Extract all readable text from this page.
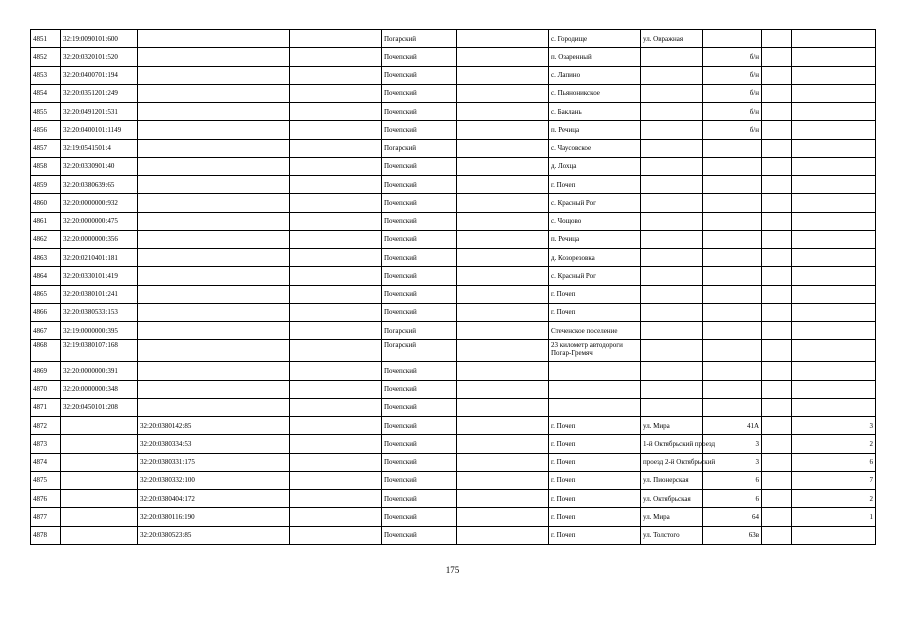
4851	32:19:0090101:600			Погарский		с. Городище	ул. Овражная			
4852	32:20:0320101:520			Почепский		п. Озаренный		б/н		
4853	32:20:0400701:194			Почепский		с. Лапино		б/н		
4854	32:20:0351201:249			Почепский		с. Пьяноникское		б/н		
4855	32:20:0491201:531			Почепский		с. Баклань		б/н		
4856	32:20:0400101:1149			Почепский		п. Речица		б/н		
4857	32:19:0541501:4			Погарский		с. Чаусовское				
4858	32:20:0330901:40			Почепский		д. Лохца				
4859	32:20:0380639:65			Почепский		г. Почеп				
4860	32:20:0000000:932			Почепский		с. Красный Рог				
4861	32:20:0000000:475			Почепский		с. Чощово				
4862	32:20:0000000:356			Почепский		п. Речица				
4863	32:20:0210401:181			Почепский		д. Козорезовка				
4864	32:20:0330101:419			Почепский		с. Красный Рог				
4865	32:20:0380101:241			Почепский		г. Почеп				
4866	32:20:0380533:153			Почепский		г. Почеп				
4867	32:19:0000000:395			Погарский		Стеченское поселение				
4868	32:19:0380107:168			Погарский		23 километр автодороги Погар-Гремяч				
4869	32:20:0000000:391			Почепский						
4870	32:20:0000000:348			Почепский						
4871	32:20:0450101:208			Почепский						
4872		32:20:0380142:85		Почепский		г. Почеп	ул. Мира	41А		3
4873		32:20:0380334:53		Почепский		г. Почеп	1-й Октябрьский проезд	3		2
4874		32:20:0380331:175		Почепский		г. Почеп	проезд 2-й Октябрьский	3		6
4875		32:20:0380332:100		Почепский		г. Почеп	ул. Пионерская	6		7
4876		32:20:0380404:172		Почепский		г. Почеп	ул. Октябрьская	6		2
4877		32:20:0380116:190		Почепский		г. Почеп	ул. Мира	64		1
4878		32:20:0380523:85		Почепский		г. Почеп	ул. Толстого	63в		
175
